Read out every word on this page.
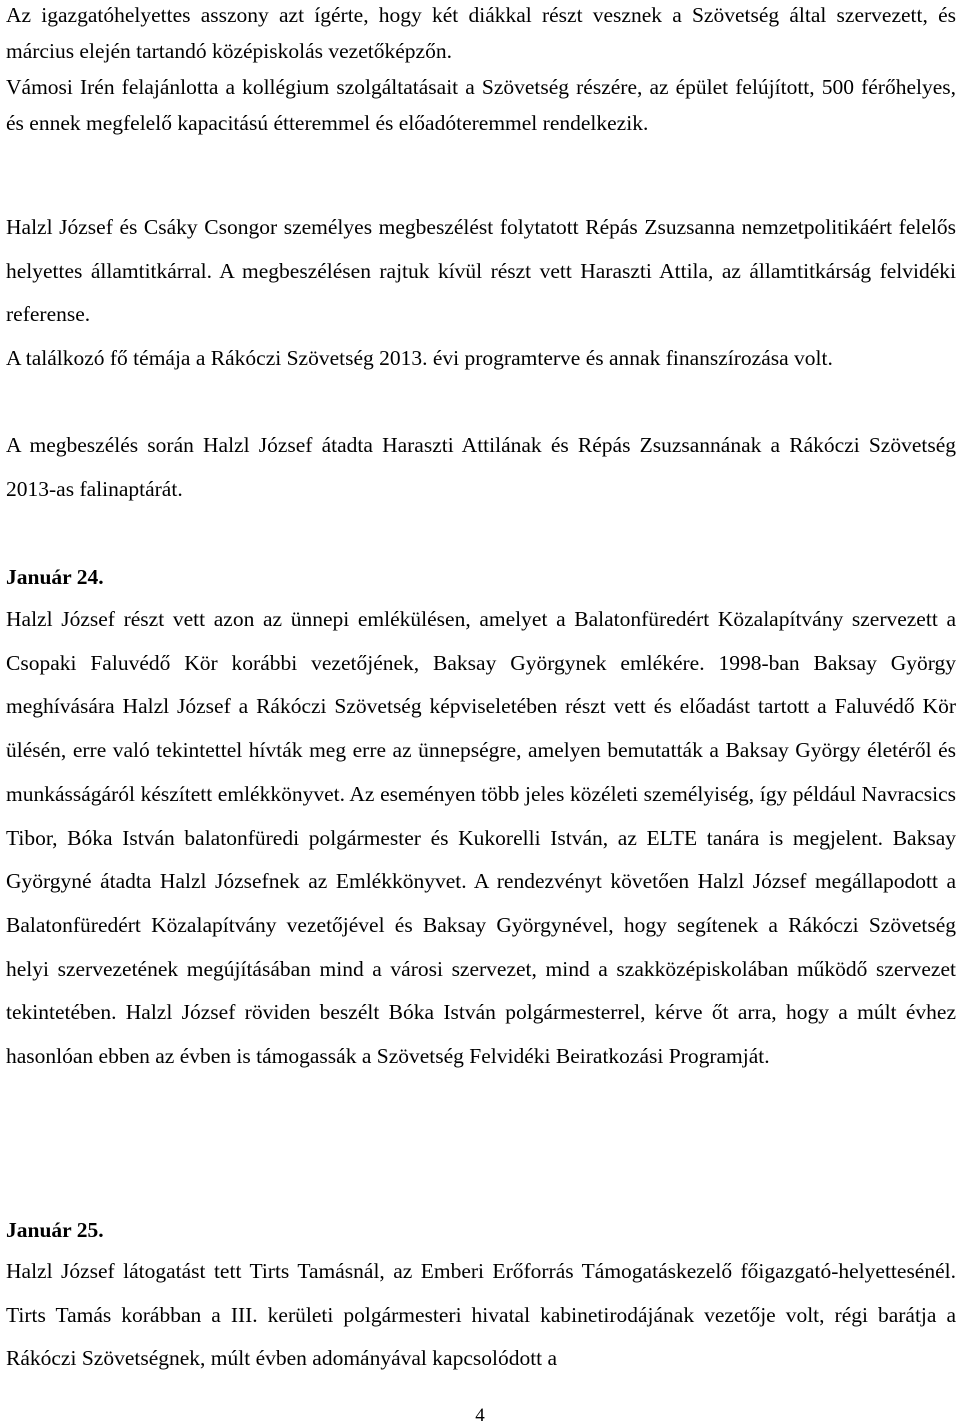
Az igazgatóhelyettes asszony azt ígérte, hogy két diákkal részt vesznek a Szövetség által szervezett, és március elején tartandó középiskolás vezetőképzőn.

Vámosi Irén felajánlotta a kollégium szolgáltatásait a Szövetség részére, az épület felújított, 500 férőhelyes, és ennek megfelelő kapacitású étteremmel és előadóteremmel rendelkezik.

Halzl József és Csáky Csongor személyes megbeszélést folytatott Répás Zsuzsanna nemzetpolitikáért felelős helyettes államtitkárral. A megbeszélésen rajtuk kívül részt vett Haraszti Attila, az államtitkárság felvidéki referense.

A találkozó fő témája a Rákóczi Szövetség 2013. évi programterve és annak finanszírozása volt.

A megbeszélés során Halzl József átadta Haraszti Attilának és Répás Zsuzsannának a Rákóczi Szövetség 2013-as falinaptárát.

Január 24.

Halzl József részt vett azon az ünnepi emlékülésen, amelyet a Balatonfüredért Közalapítvány szervezett a Csopaki Faluvédő Kör korábbi vezetőjének, Baksay Györgynek emlékére. 1998-ban Baksay György meghívására Halzl József a Rákóczi Szövetség képviseletében részt vett és előadást tartott a Faluvédő Kör ülésén, erre való tekintettel hívták meg erre az ünnepségre, amelyen bemutatták a Baksay György életéről és munkásságáról készített emlékkönyvet. Az eseményen több jeles közéleti személyiség, így például Navracsics Tibor, Bóka István balatonfüredi polgármester és Kukorelli István, az ELTE tanára is megjelent. Baksay Györgyné átadta Halzl Józsefnek az Emlékkönyvet. A rendezvényt követően Halzl József megállapodott a Balatonfüredért Közalapítvány vezetőjével és Baksay Györgynével, hogy segítenek a Rákóczi Szövetség helyi szervezetének megújításában mind a városi szervezet, mind a szakközépiskolában működő szervezet tekintetében. Halzl József röviden beszélt Bóka István polgármesterrel, kérve őt arra, hogy a múlt évhez hasonlóan ebben az évben is támogassák a Szövetség Felvidéki Beiratkozási Programját.

Január 25.

Halzl József látogatást tett Tirts Tamásnál, az Emberi Erőforrás Támogatáskezelő főigazgató-helyettesénél. Tirts Tamás korábban a III. kerületi polgármesteri hivatal kabinetirodájának vezetője volt, régi barátja a Rákóczi Szövetségnek, múlt évben adományával kapcsolódott a

4
